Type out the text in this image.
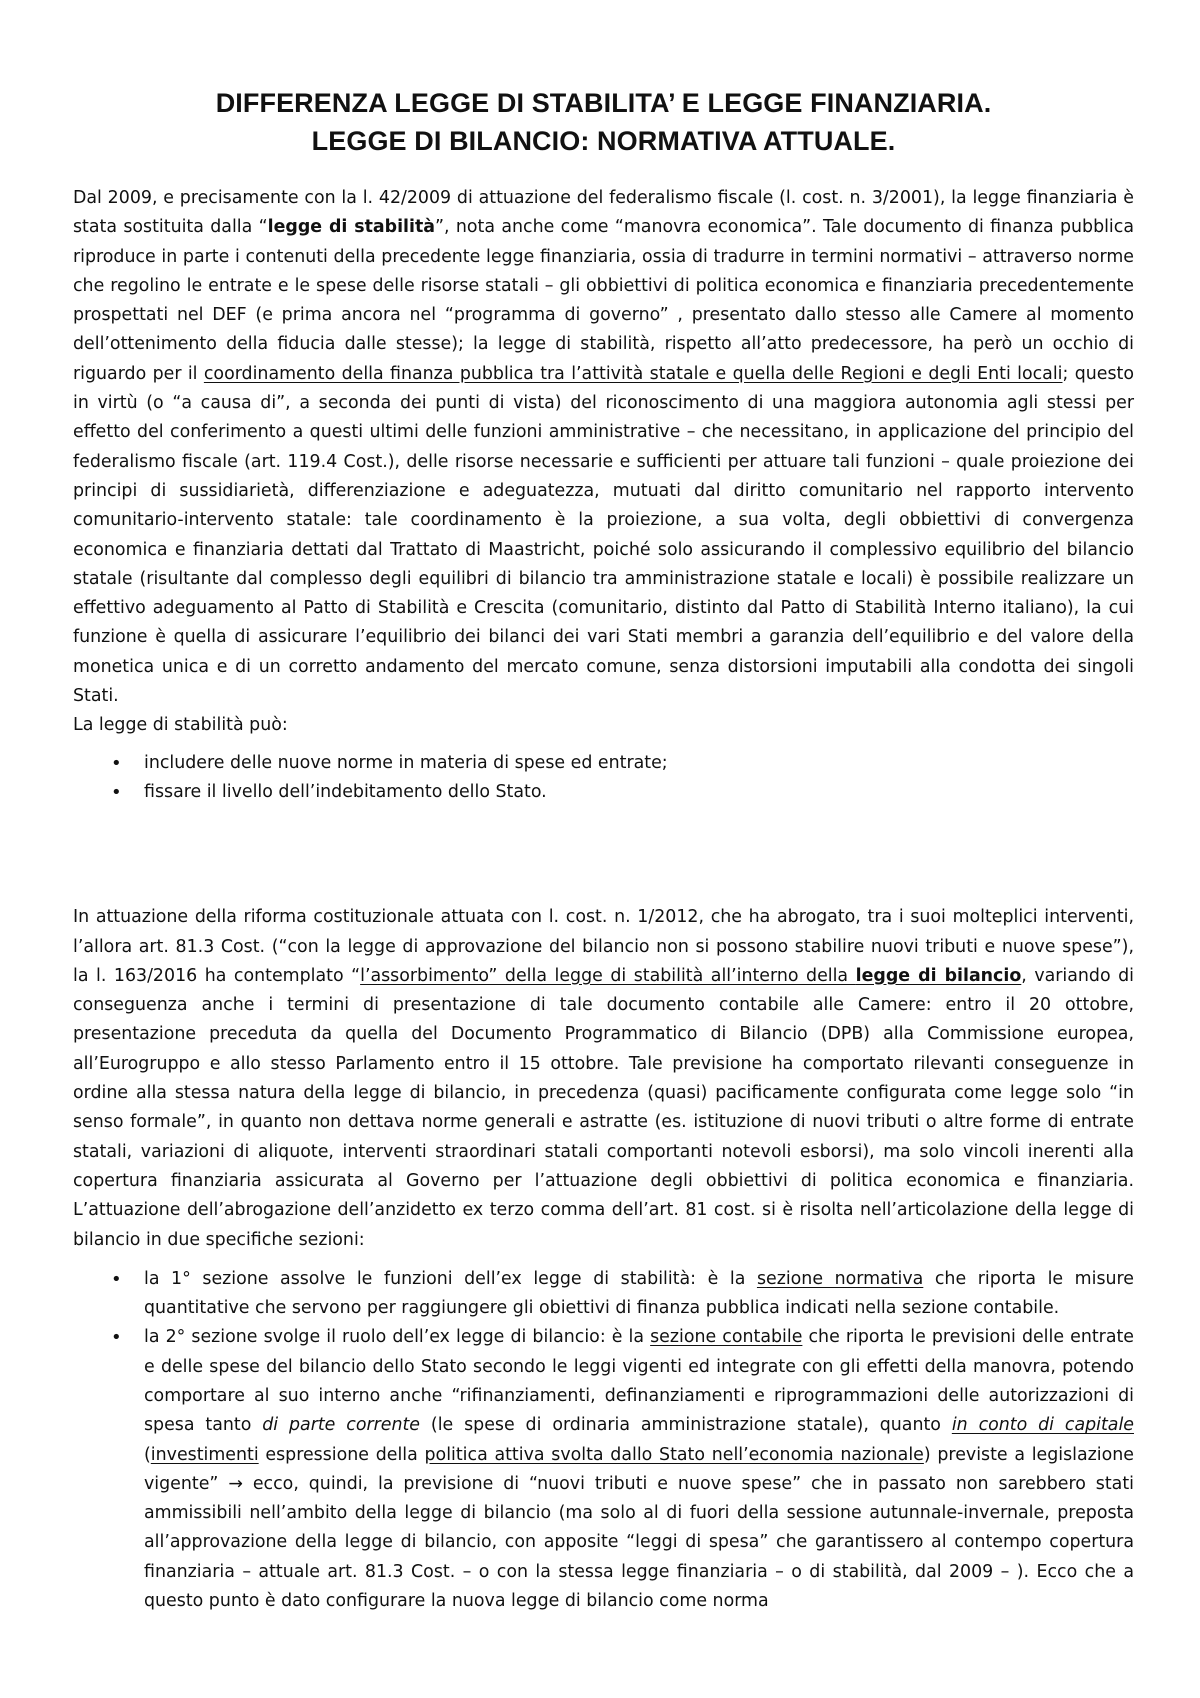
DIFFERENZA LEGGE DI STABILITA’ E LEGGE FINANZIARIA.
LEGGE DI BILANCIO: NORMATIVA ATTUALE.

Dal 2009, e precisamente con la l. 42/2009 di attuazione del federalismo fiscale (l. cost. n. 3/2001), la legge finanziaria è stata sostituita dalla “legge di stabilità”, nota anche come “manovra economica”. Tale documento di finanza pubblica riproduce in parte i contenuti della precedente legge finanziaria, ossia di tradurre in termini normativi – attraverso norme che regolino le entrate e le spese delle risorse statali – gli obbiettivi di politica economica e finanziaria precedentemente prospettati nel DEF (e prima ancora nel “programma di governo” , presentato dallo stesso alle Camere al momento dell’ottenimento della fiducia dalle stesse); la legge di stabilità, rispetto all’atto predecessore, ha però un occhio di riguardo per il coordinamento della finanza pubblica tra l’attività statale e quella delle Regioni e degli Enti locali; questo in virtù (o “a causa di”, a seconda dei punti di vista) del riconoscimento di una maggiora autonomia agli stessi per effetto del conferimento a questi ultimi delle funzioni amministrative – che necessitano, in applicazione del principio del federalismo fiscale (art. 119.4 Cost.), delle risorse necessarie e sufficienti per attuare tali funzioni – quale proiezione dei principi di sussidiarietà, differenziazione e adeguatezza, mutuati dal diritto comunitario nel rapporto intervento comunitario-intervento statale: tale coordinamento è la proiezione, a sua volta, degli obbiettivi di convergenza economica e finanziaria dettati dal Trattato di Maastricht, poiché solo assicurando il complessivo equilibrio del bilancio statale (risultante dal complesso degli equilibri di bilancio tra amministrazione statale e locali) è possibile realizzare un effettivo adeguamento al Patto di Stabilità e Crescita (comunitario, distinto dal Patto di Stabilità Interno italiano), la cui funzione è quella di assicurare l’equilibrio dei bilanci dei vari Stati membri a garanzia dell’equilibrio e del valore della monetica unica e di un corretto andamento del mercato comune, senza distorsioni imputabili alla condotta dei singoli Stati.

La legge di stabilità può:

• includere delle nuove norme in materia di spese ed entrate;
• fissare il livello dell’indebitamento dello Stato.

In attuazione della riforma costituzionale attuata con l. cost. n. 1/2012, che ha abrogato, tra i suoi molteplici interventi, l’allora art. 81.3 Cost. (“con la legge di approvazione del bilancio non si possono stabilire nuovi tributi e nuove spese”), la l. 163/2016 ha contemplato “l’assorbimento” della legge di stabilità all’interno della legge di bilancio, variando di conseguenza anche i termini di presentazione di tale documento contabile alle Camere: entro il 20 ottobre, presentazione preceduta da quella del Documento Programmatico di Bilancio (DPB) alla Commissione europea, all’Eurogruppo e allo stesso Parlamento entro il 15 ottobre. Tale previsione ha comportato rilevanti conseguenze in ordine alla stessa natura della legge di bilancio, in precedenza (quasi) pacificamente configurata come legge solo “in senso formale”, in quanto non dettava norme generali e astratte (es. istituzione di nuovi tributi o altre forme di entrate statali, variazioni di aliquote, interventi straordinari statali comportanti notevoli esborsi), ma solo vincoli inerenti alla copertura finanziaria assicurata al Governo per l’attuazione degli obbiettivi di politica economica e finanziaria. L’attuazione dell’abrogazione dell’anzidetto ex terzo comma dell’art. 81 cost. si è risolta nell’articolazione della legge di bilancio in due specifiche sezioni:

• la 1° sezione assolve le funzioni dell’ex legge di stabilità: è la sezione normativa che riporta le misure quantitative che servono per raggiungere gli obiettivi di finanza pubblica indicati nella sezione contabile.
• la 2° sezione svolge il ruolo dell’ex legge di bilancio: è la sezione contabile che riporta le previsioni delle entrate e delle spese del bilancio dello Stato secondo le leggi vigenti ed integrate con gli effetti della manovra, potendo comportare al suo interno anche “rifinanziamenti, definanziamenti e riprogrammazioni delle autorizzazioni di spesa tanto di parte corrente (le spese di ordinaria amministrazione statale), quanto in conto di capitale (investimenti espressione della politica attiva svolta dallo Stato nell’economia nazionale) previste a legislazione vigente” → ecco, quindi, la previsione di “nuovi tributi e nuove spese” che in passato non sarebbero stati ammissibili nell’ambito della legge di bilancio (ma solo al di fuori della sessione autunnale-invernale, preposta all’approvazione della legge di bilancio, con apposite “leggi di spesa” che garantissero al contempo copertura finanziaria – attuale art. 81.3 Cost. – o con la stessa legge finanziaria – o di stabilità, dal 2009 – ). Ecco che a questo punto è dato configurare la nuova legge di bilancio come norma
